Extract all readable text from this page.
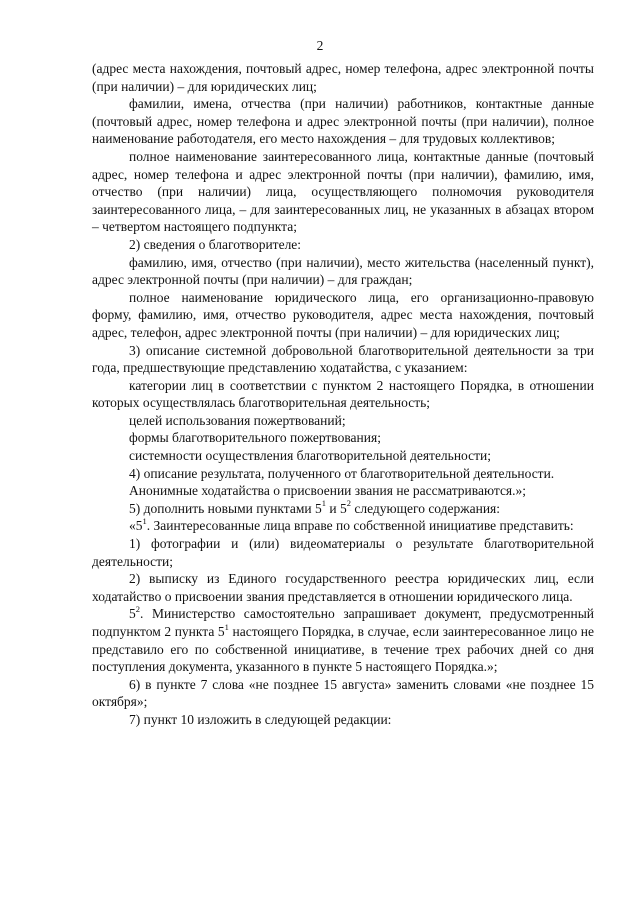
2

(адрес места нахождения, почтовый адрес, номер телефона, адрес электронной почты (при наличии) – для юридических лиц;

фамилии, имена, отчества (при наличии) работников, контактные данные (почтовый адрес, номер телефона и адрес электронной почты (при наличии), полное наименование работодателя, его место нахождения – для трудовых коллективов;

полное наименование заинтересованного лица, контактные данные (почтовый адрес, номер телефона и адрес электронной почты (при наличии), фамилию, имя, отчество (при наличии) лица, осуществляющего полномочия руководителя заинтересованного лица, – для заинтересованных лиц, не указанных в абзацах втором – четвертом настоящего подпункта;

2) сведения о благотворителе:

фамилию, имя, отчество (при наличии), место жительства (населенный пункт), адрес электронной почты (при наличии) – для граждан;

полное наименование юридического лица, его организационно-правовую форму, фамилию, имя, отчество руководителя, адрес места нахождения, почтовый адрес, телефон, адрес электронной почты (при наличии) – для юридических лиц;

3) описание системной добровольной благотворительной деятельности за три года, предшествующие представлению ходатайства, с указанием:

категории лиц в соответствии с пунктом 2 настоящего Порядка, в отношении которых осуществлялась благотворительная деятельность;

целей использования пожертвований;

формы благотворительного пожертвования;

системности осуществления благотворительной деятельности;

4) описание результата, полученного от благотворительной деятельности.

Анонимные ходатайства о присвоении звания не рассматриваются.»;

5) дополнить новыми пунктами $5^1$ и $5^2$ следующего содержания:

«$5^1$. Заинтересованные лица вправе по собственной инициативе представить:

1) фотографии и (или) видеоматериалы о результате благотворительной деятельности;

2) выписку из Единого государственного реестра юридических лиц, если ходатайство о присвоении звания представляется в отношении юридического лица.

$5^2$. Министерство самостоятельно запрашивает документ, предусмотренный подпунктом 2 пункта $5^1$ настоящего Порядка, в случае, если заинтересованное лицо не представило его по собственной инициативе, в течение трех рабочих дней со дня поступления документа, указанного в пункте 5 настоящего Порядка.»;

6) в пункте 7 слова «не позднее 15 августа» заменить словами «не позднее 15 октября»;

7) пункт 10 изложить в следующей редакции:
